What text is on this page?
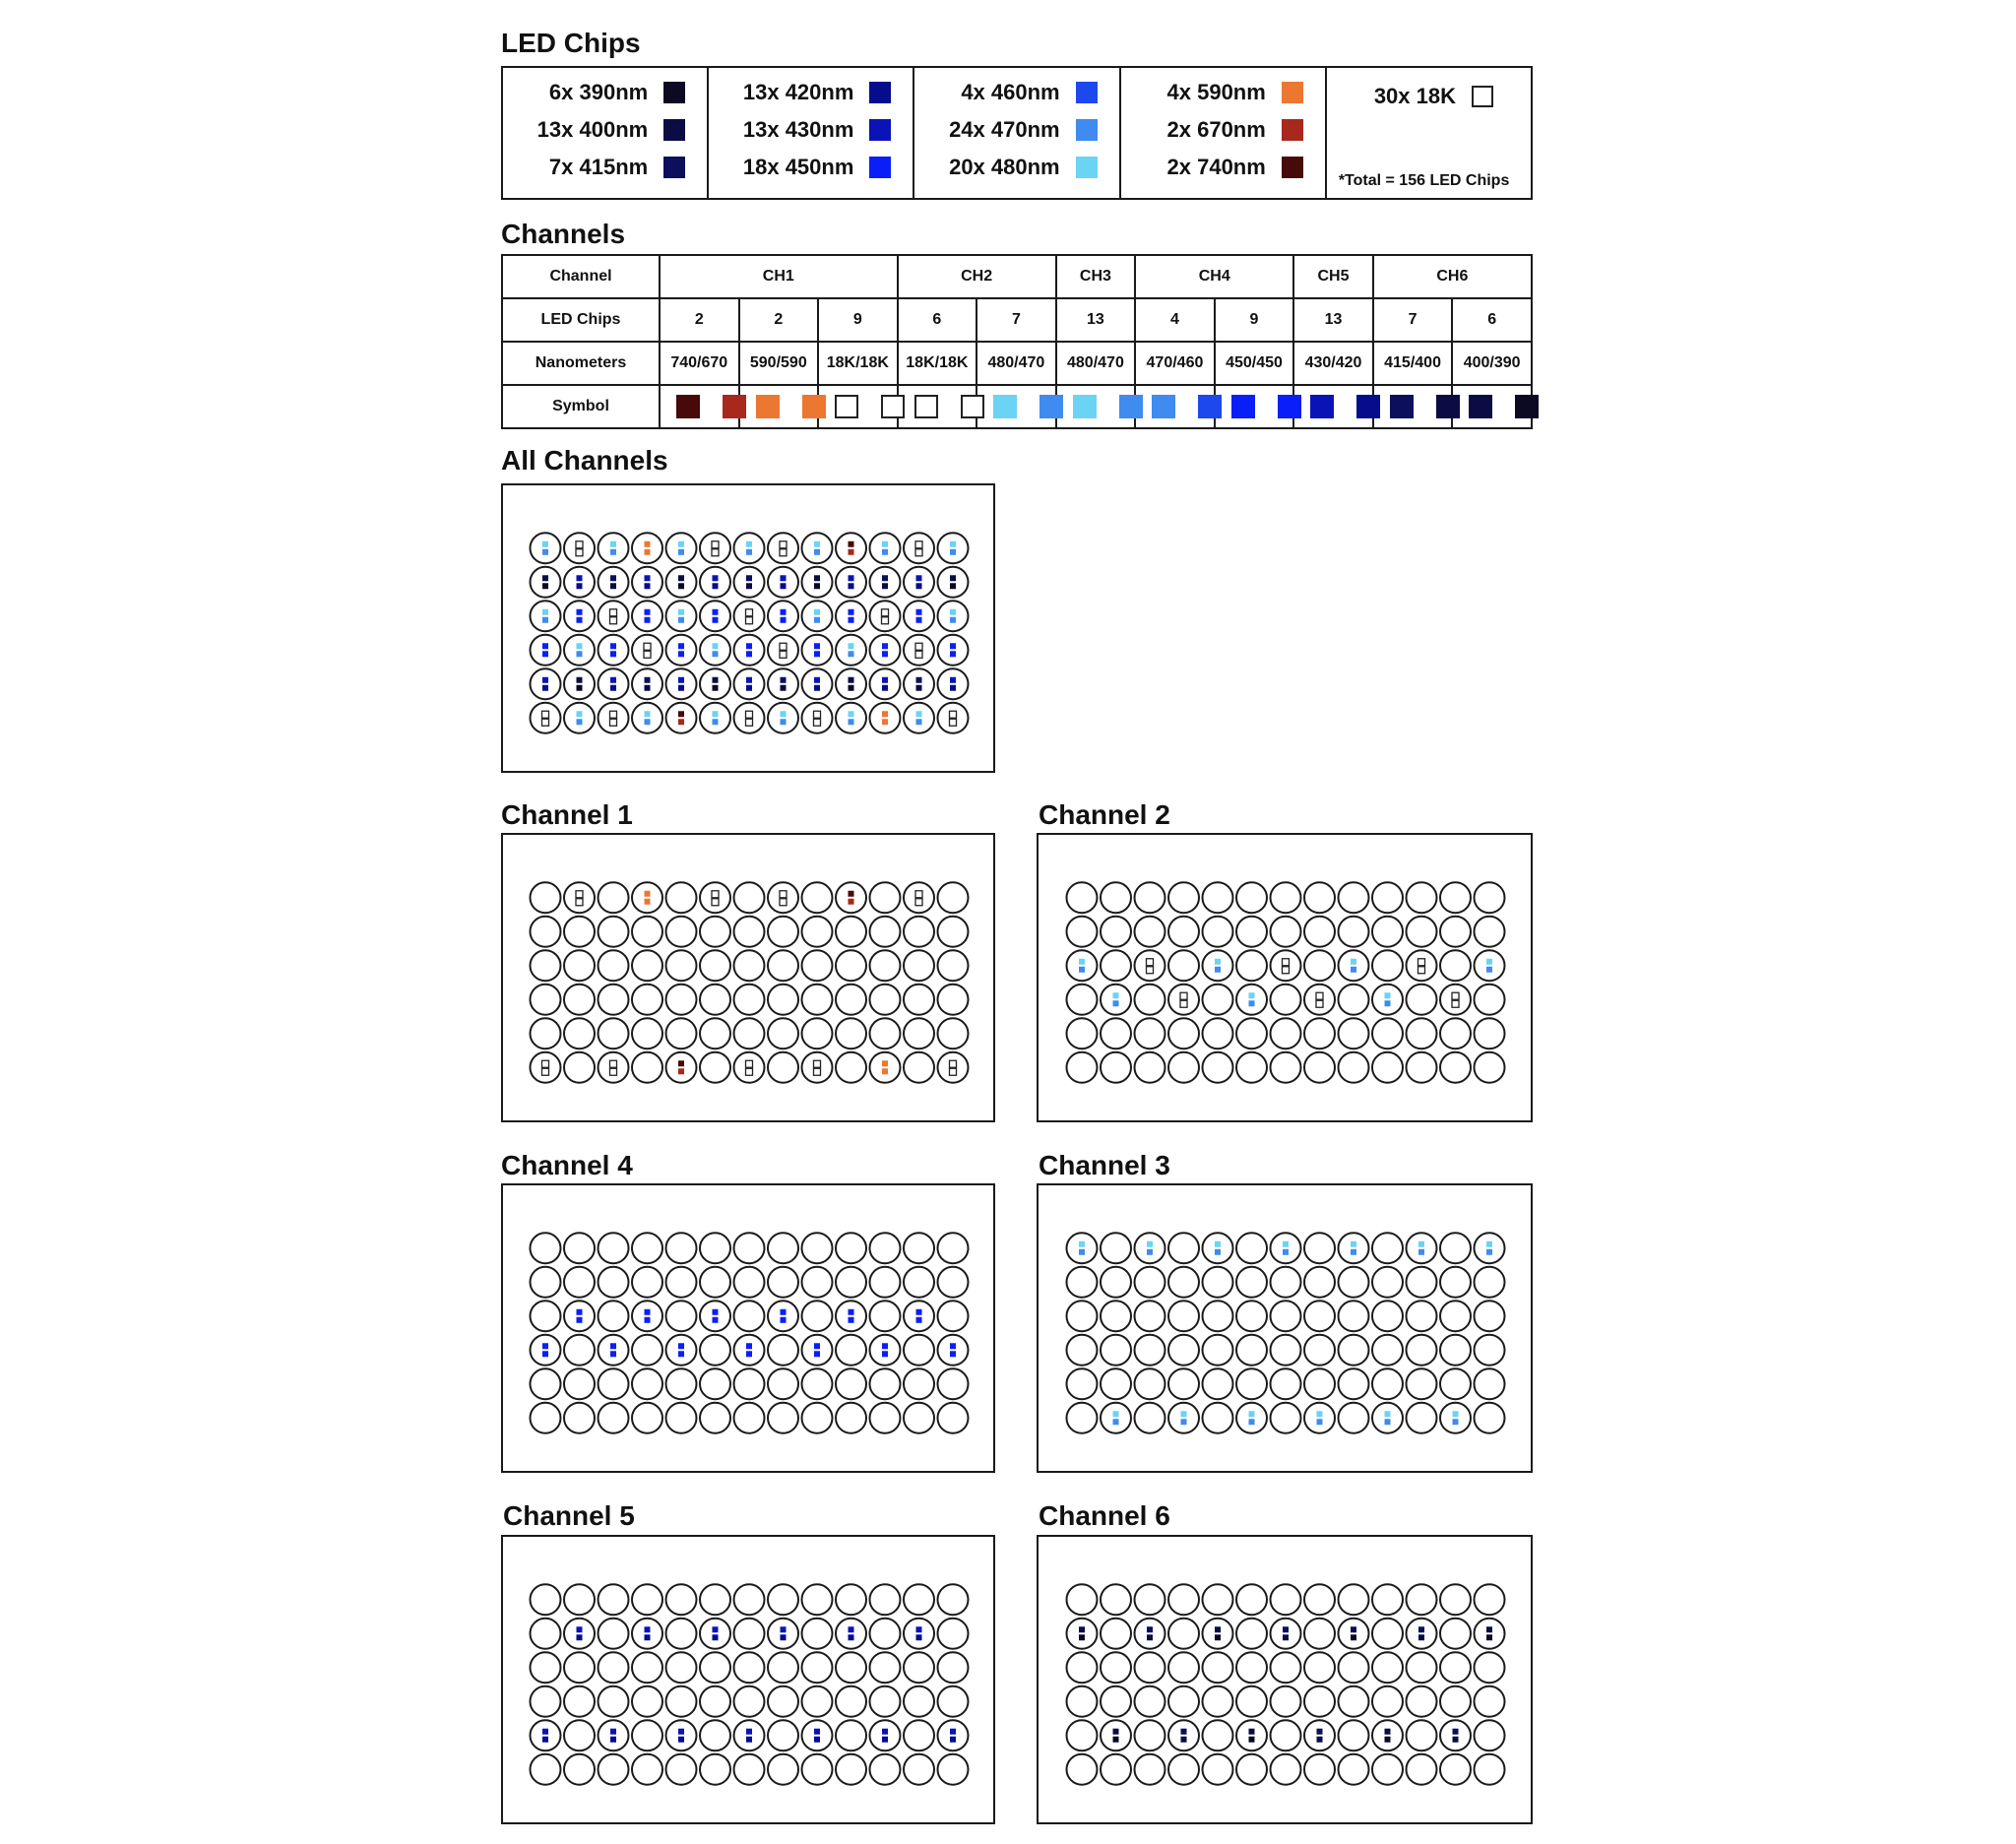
LED Chips
6x 390nm
13x 400nm
7x 415nm
13x 420nm
13x 430nm
18x 450nm
4x 460nm
24x 470nm
20x 480nm
4x 590nm
2x 670nm
2x 740nm
30x 18K
*Total = 156 LED Chips
Channels
Channel	CH1			CH2		CH3	CH4		CH5	CH6	
LED Chips	2	2	9	6	7	13	4	9	13	7	6
Nanometers	740/670	590/590	18K/18K	18K/18K	480/470	480/470	470/460	450/450	430/420	415/400	400/390
Symbol	

All Channels
Channel 1	Channel 2
Channel 4	Channel 3
Channel 5	Channel 6
